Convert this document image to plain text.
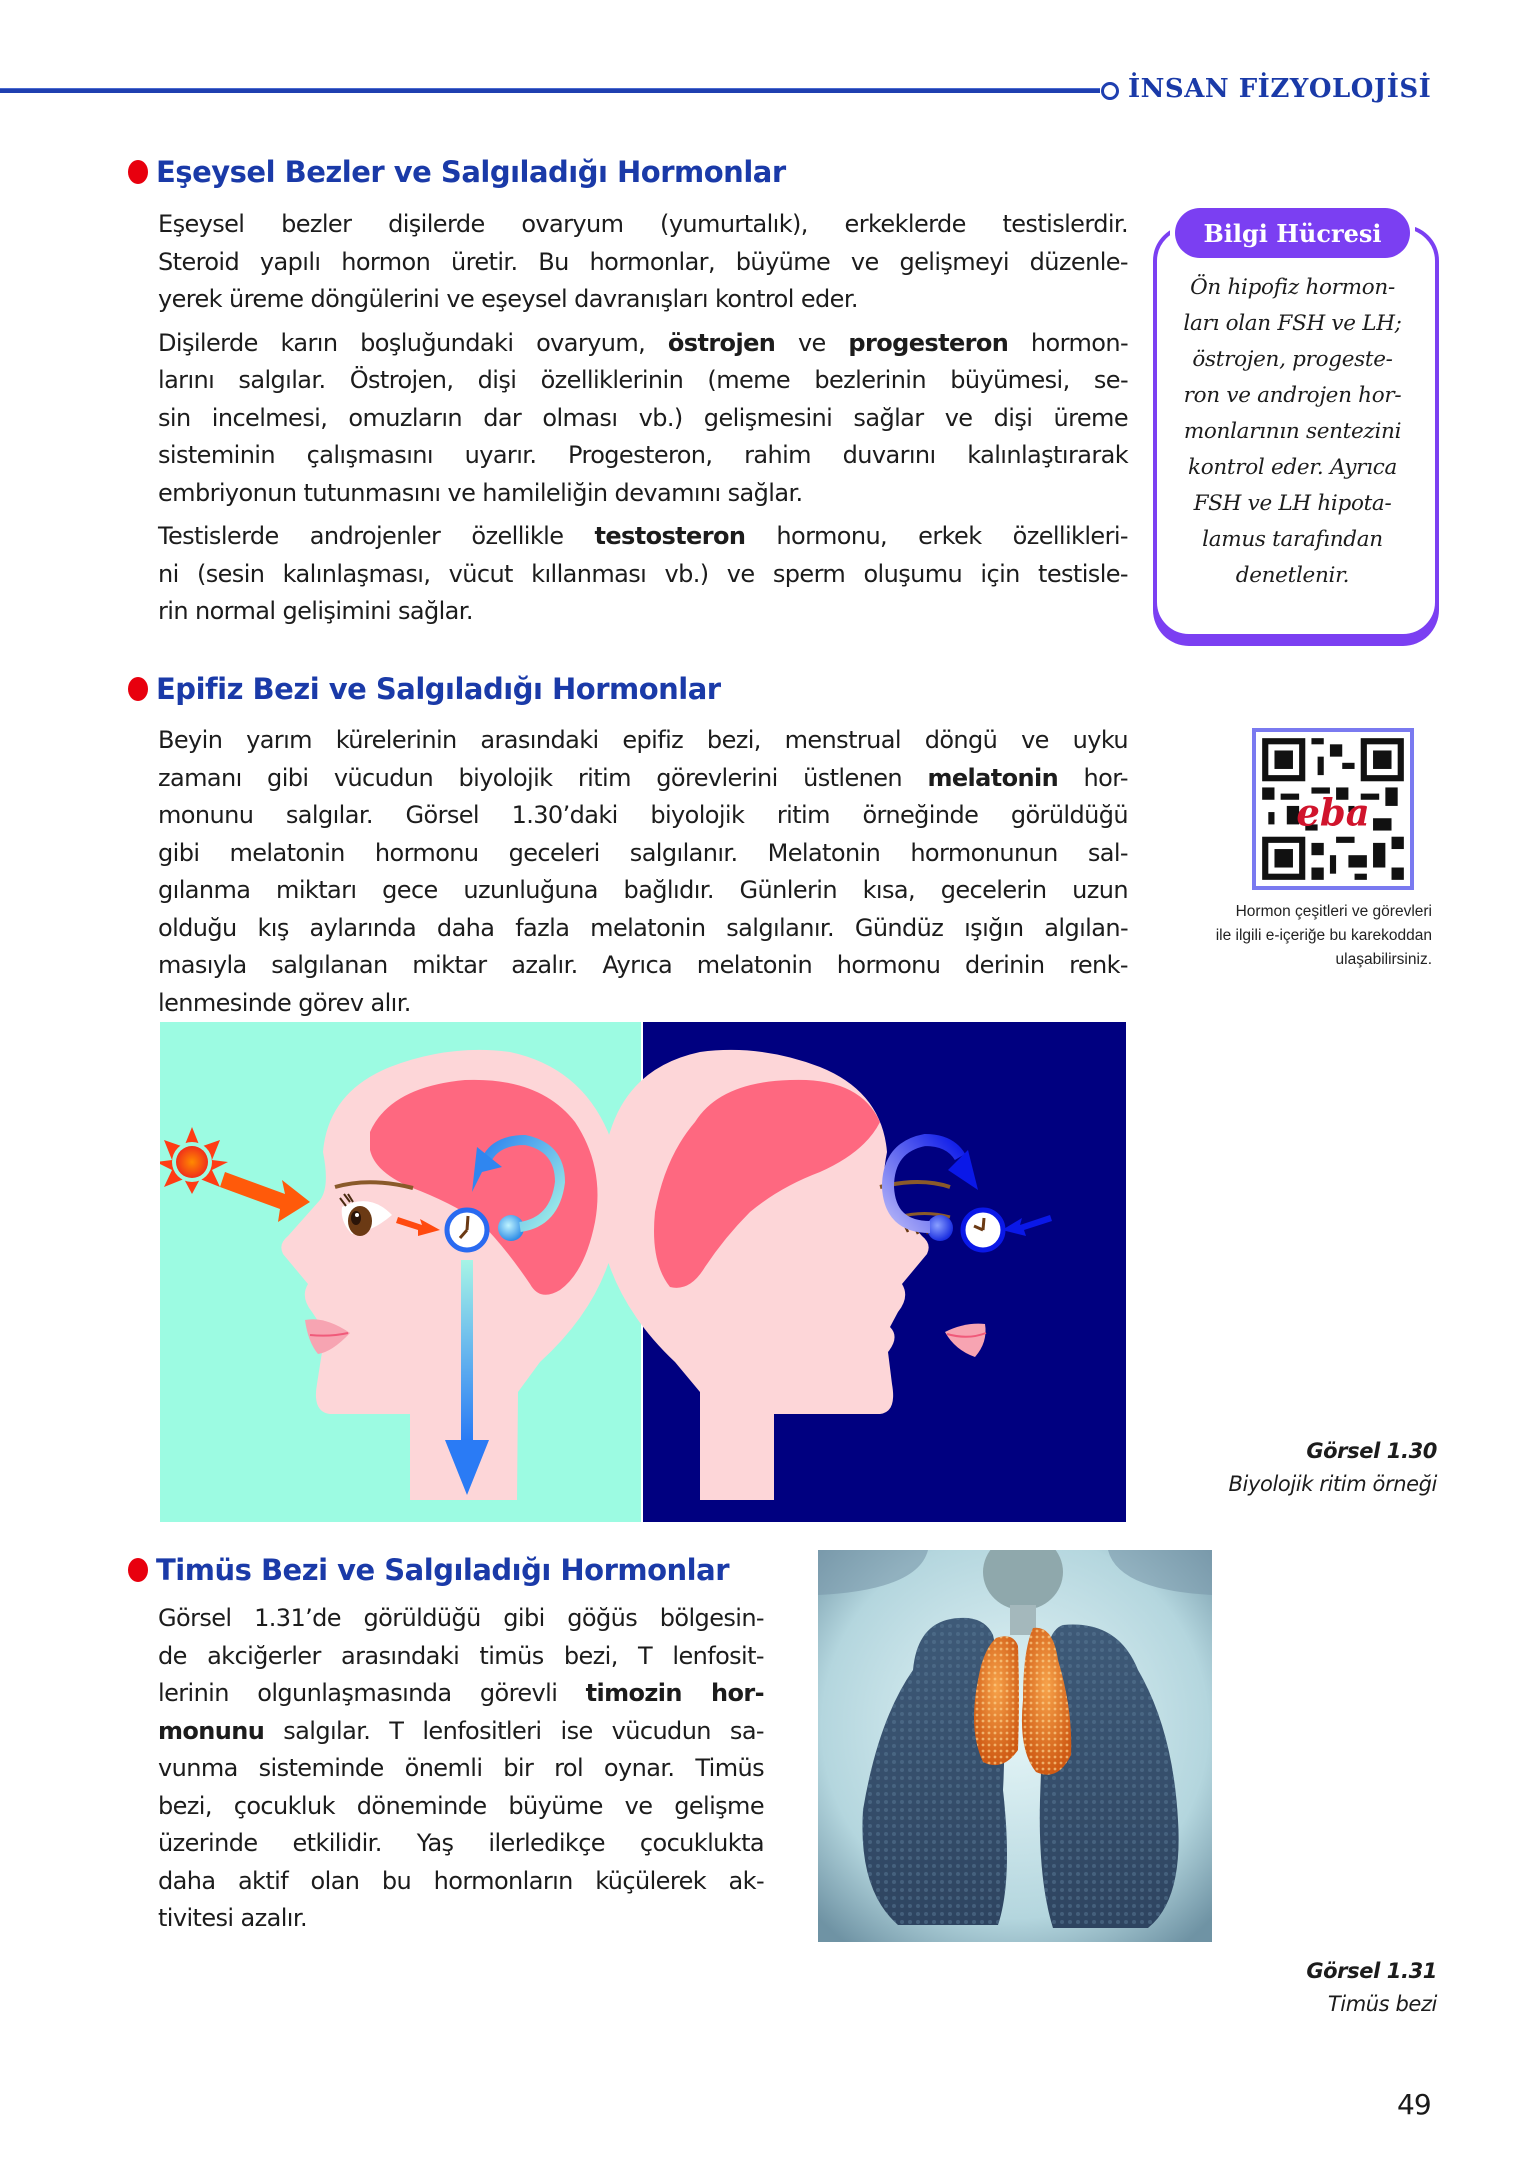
İNSAN FİZYOLOJİSİ
Eşeysel Bezler ve Salgıladığı Hormonlar

Eşeysel bezler dişilerde ovaryum (yumurtalık), erkeklerde testislerdir.
Steroid yapılı hormon üretir. Bu hormonlar, büyüme ve gelişmeyi düzenle-
yerek üreme döngülerini ve eşeysel davranışları kontrol eder.

Dişilerde karın boşluğundaki ovaryum, östrojen ve progesteron hormon-
larını salgılar. Östrojen, dişi özelliklerinin (meme bezlerinin büyümesi, se-
sin incelmesi, omuzların dar olması vb.) gelişmesini sağlar ve dişi üreme
sisteminin çalışmasını uyarır. Progesteron, rahim duvarını kalınlaştırarak
embriyonun tutunmasını ve hamileliğin devamını sağlar.

Testislerde androjenler özellikle testosteron hormonu, erkek özellikleri-
ni (sesin kalınlaşması, vücut kıllanması vb.) ve sperm oluşumu için testisle-
rin normal gelişimini sağlar.

Bilgi Hücresi
Ön hipofiz hormon-
ları olan FSH ve LH;
östrojen, progeste-
ron ve androjen hor-
monlarının sentezini
kontrol eder. Ayrıca
FSH ve LH hipota-
lamus tarafından
denetlenir.
Epifiz Bezi ve Salgıladığı Hormonlar
Beyin yarım kürelerinin arasındaki epifiz bezi, menstrual döngü ve uyku
zamanı gibi vücudun biyolojik ritim görevlerini üstlenen melatonin hor-
monunu salgılar. Görsel 1.30’daki biyolojik ritim örneğinde görüldüğü
gibi melatonin hormonu geceleri salgılanır. Melatonin hormonunun sal-
gılanma miktarı gece uzunluğuna bağlıdır. Günlerin kısa, gecelerin uzun
olduğu kış aylarında daha fazla melatonin salgılanır. Gündüz ışığın algılan-
masıyla salgılanan miktar azalır. Ayrıca melatonin hormonu derinin renk-
lenmesinde görev alır.
eba
Hormon çeşitleri ve görevleri
ile ilgili e-içeriğe bu karekoddan
ulaşabilirsiniz.
Görsel 1.30
Biyolojik ritim örneği
Timüs Bezi ve Salgıladığı Hormonlar
Görsel 1.31’de görüldüğü gibi göğüs bölgesin-
de akciğerler arasındaki timüs bezi, T lenfosit-
lerinin olgunlaşmasında görevli timozin hor-
monunu salgılar. T lenfositleri ise vücudun sa-
vunma sisteminde önemli bir rol oynar. Timüs
bezi, çocukluk döneminde büyüme ve gelişme
üzerinde etkilidir. Yaş ilerledikçe çocuklukta
daha aktif olan bu hormonların küçülerek ak-
tivitesi azalır.
Görsel 1.31
Timüs bezi
49
